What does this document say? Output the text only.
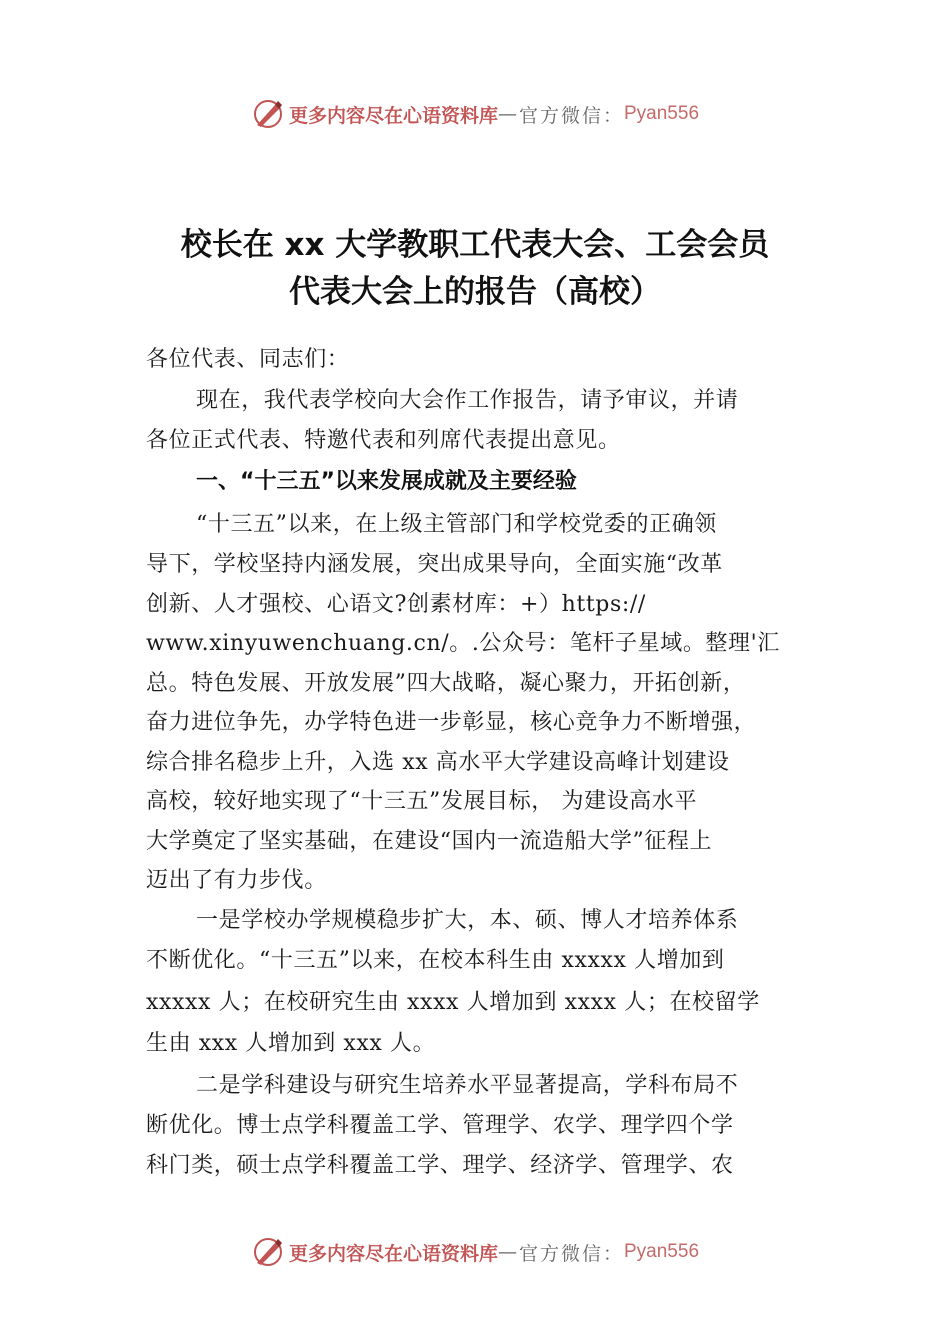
更多内容尽在心语资料库 — 官方微信： Pyan556
校长在 xx 大学教职工代表大会、工会会员
代表大会上的报告（高校）
各位代表、同志们：
现在，我代表学校向大会作工作报告，请予审议，并请
各位正式代表、特邀代表和列席代表提出意见。
一、“十三五”以来发展成就及主要经验
“十三五”以来，在上级主管部门和学校党委的正确领
导下，学校坚持内涵发展，突出成果导向，全面实施“改革
创新、人才强校、心语文?创素材库：+）https://
www.xinyuwenchuang.cn/。.公众号：笔杆子星域。整理'汇
总。特色发展、开放发展”四大战略，凝心聚力，开拓创新，
奋力进位争先，办学特色进一步彰显，核心竞争力不断增强，
综合排名稳步上升，入选 xx 高水平大学建设高峰计划建设
高校，较好地实现了“十三五”发展目标， 为建设高水平
大学奠定了坚实基础，在建设“国内一流造船大学”征程上
迈出了有力步伐。
一是学校办学规模稳步扩大，本、硕、博人才培养体系
不断优化。“十三五”以来，在校本科生由 xxxxx 人增加到
xxxxx 人；在校研究生由 xxxx 人增加到 xxxx 人；在校留学
生由 xxx 人增加到 xxx 人。
二是学科建设与研究生培养水平显著提高，学科布局不
断优化。博士点学科覆盖工学、管理学、农学、理学四个学
科门类，硕士点学科覆盖工学、理学、经济学、管理学、农
更多内容尽在心语资料库 — 官方微信： Pyan556
